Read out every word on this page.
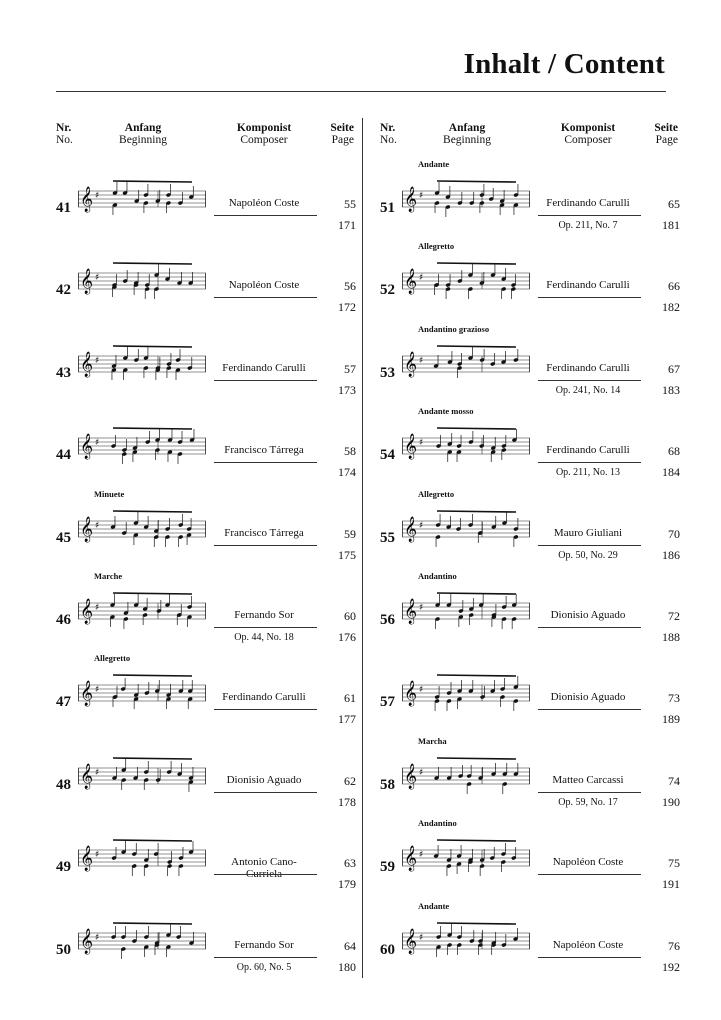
Inhalt / Content
Nr.
No.
Anfang
Beginning
Komponist
Composer
Seite
Page
41 𝄞 ♯
Napoléon Coste	55
171
42 𝄞 ♯
Napoléon Coste	56
172
43 𝄞 ♯
Ferdinando Carulli	57
173
44 𝄞 ♯
Francisco Tárrega	58
174
45
Minuete
𝄞 ♯
Francisco Tárrega	59
175
46
Marche
𝄞 ♯
Fernando Sor
Op. 44, No. 18
60
176
47
Allegretto
𝄞 ♯
Ferdinando Carulli	61
177
48 𝄞 ♯
Dionisio Aguado	62
178
49 𝄞 ♯
Antonio Cano-Curriela
63
179
50 𝄞 ♯
Fernando Sor
Op. 60, No. 5
64
180
Nr.
No.
Anfang
Beginning
Komponist
Composer
Seite
Page
51
Andante
𝄞 ♯
Ferdinando Carulli
Op. 211, No. 7
65
181
52
Allegretto
𝄞 ♯
Ferdinando Carulli	66
182
53
Andantino grazioso
𝄞 ♯
Ferdinando Carulli
Op. 241, No. 14
67
183
54
Andante mosso
𝄞 ♯
Ferdinando Carulli
Op. 211, No. 13
68
184
55
Allegretto
𝄞 ♯
Mauro Giuliani
Op. 50, No. 29
70
186
56
Andantino
𝄞 ♯
Dionisio Aguado	72
188
57 𝄞 ♯
Dionisio Aguado	73
189
58
Marcha
𝄞 ♯
Matteo Carcassi
Op. 59, No. 17
74
190
59
Andantino
𝄞 ♯
Napoléon Coste	75
191
60
Andante
𝄞 ♯
Napoléon Coste	76
192
